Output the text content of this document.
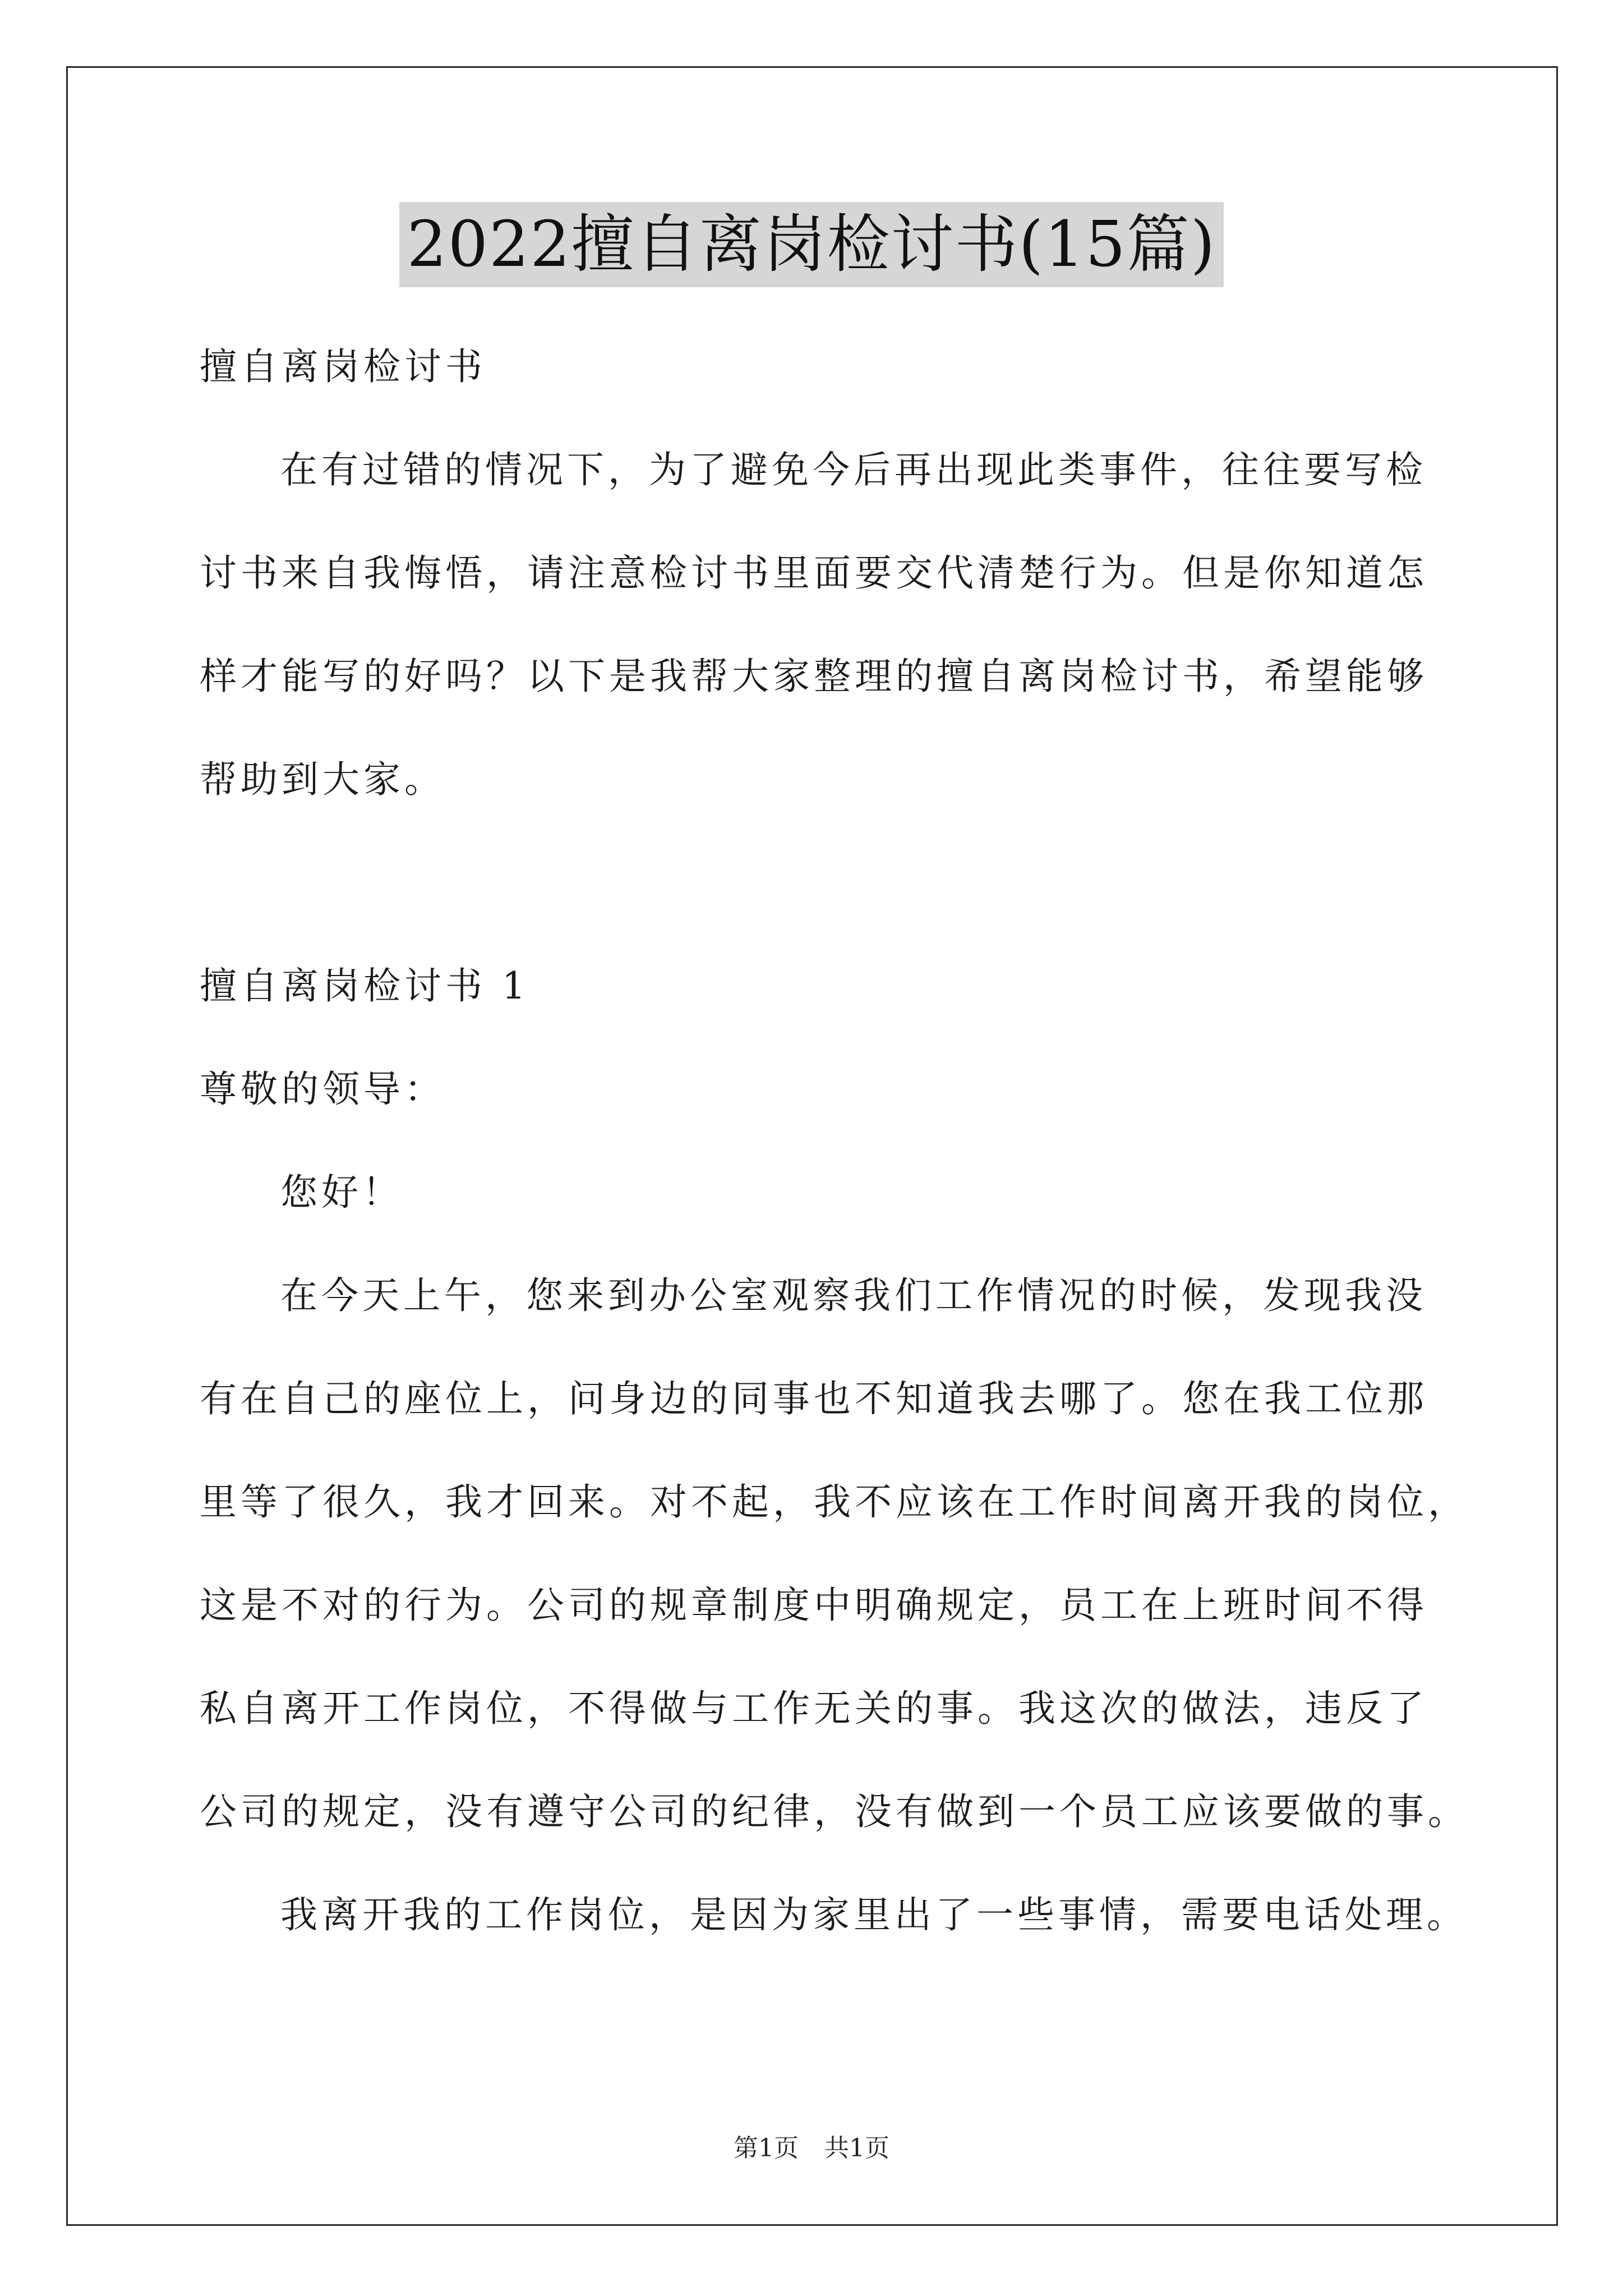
2022擅自离岗检讨书(15篇)
擅自离岗检讨书
在有过错的情况下，为了避免今后再出现此类事件，往往要写检
讨书来自我悔悟，请注意检讨书里面要交代清楚行为。但是你知道怎
样才能写的好吗？以下是我帮大家整理的擅自离岗检讨书，希望能够
帮助到大家。
擅自离岗检讨书 1
尊敬的领导：
您好！
在今天上午，您来到办公室观察我们工作情况的时候，发现我没
有在自己的座位上，问身边的同事也不知道我去哪了。您在我工位那
里等了很久，我才回来。对不起，我不应该在工作时间离开我的岗位，
这是不对的行为。公司的规章制度中明确规定，员工在上班时间不得
私自离开工作岗位，不得做与工作无关的事。我这次的做法，违反了
公司的规定，没有遵守公司的纪律，没有做到一个员工应该要做的事。
我离开我的工作岗位，是因为家里出了一些事情，需要电话处理。
第1页 共1页
